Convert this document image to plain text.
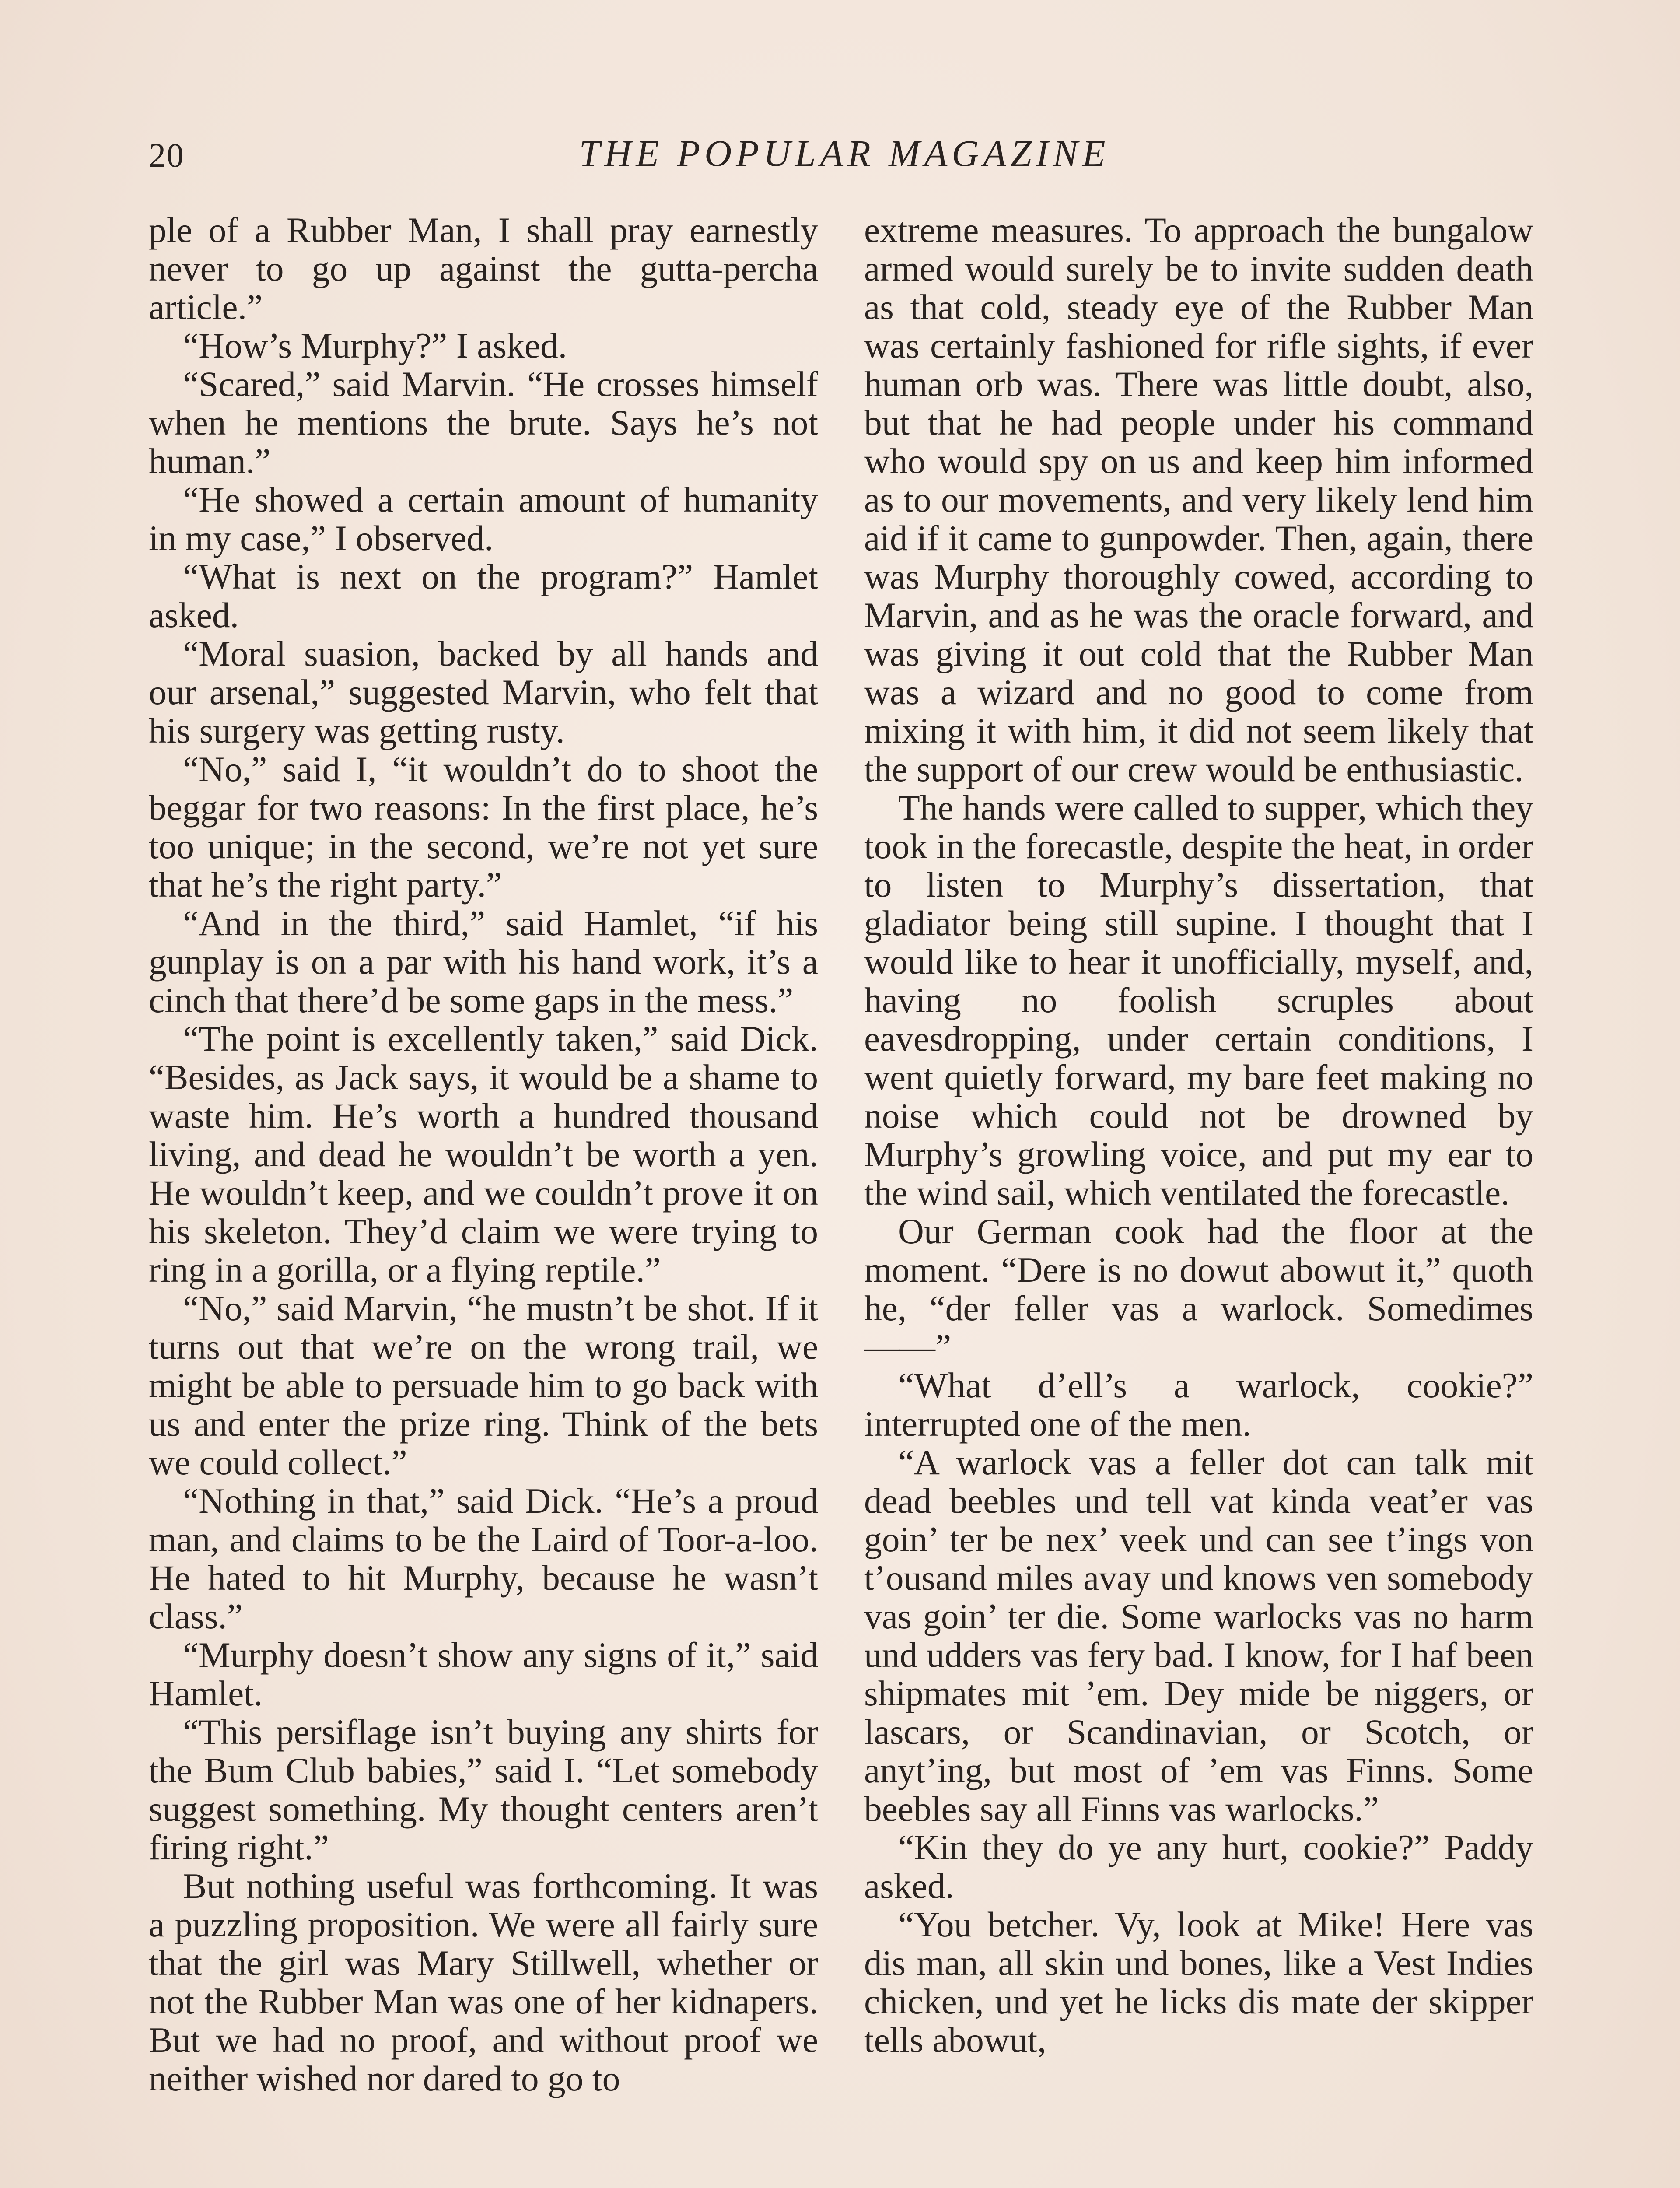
20	THE POPULAR MAGAZINE

ple of a Rubber Man, I shall pray earnestly never to go up against the gutta-percha article.”

“How’s Murphy?” I asked.

“Scared,” said Marvin. “He crosses himself when he mentions the brute. Says he’s not human.”

“He showed a certain amount of humanity in my case,” I observed.

“What is next on the program?” Hamlet asked.

“Moral suasion, backed by all hands and our arsenal,” suggested Marvin, who felt that his surgery was getting rusty.

“No,” said I, “it wouldn’t do to shoot the beggar for two reasons: In the first place, he’s too unique; in the second, we’re not yet sure that he’s the right party.”

“And in the third,” said Hamlet, “if his gunplay is on a par with his hand work, it’s a cinch that there’d be some gaps in the mess.”

“The point is excellently taken,” said Dick. “Besides, as Jack says, it would be a shame to waste him. He’s worth a hundred thousand living, and dead he wouldn’t be worth a yen. He wouldn’t keep, and we couldn’t prove it on his skeleton. They’d claim we were trying to ring in a gorilla, or a flying reptile.”

“No,” said Marvin, “he mustn’t be shot. If it turns out that we’re on the wrong trail, we might be able to persuade him to go back with us and enter the prize ring. Think of the bets we could collect.”

“Nothing in that,” said Dick. “He’s a proud man, and claims to be the Laird of Toor-a-loo. He hated to hit Murphy, because he wasn’t class.”

“Murphy doesn’t show any signs of it,” said Hamlet.

“This persiflage isn’t buying any shirts for the Bum Club babies,” said I. “Let somebody suggest something. My thought centers aren’t firing right.”

But nothing useful was forthcoming. It was a puzzling proposition. We were all fairly sure that the girl was Mary Stillwell, whether or not the Rubber Man was one of her kidnapers. But we had no proof, and without proof we neither wished nor dared to go to

extreme measures. To approach the bungalow armed would surely be to invite sudden death as that cold, steady eye of the Rubber Man was certainly fashioned for rifle sights, if ever human orb was. There was little doubt, also, but that he had people under his command who would spy on us and keep him informed as to our movements, and very likely lend him aid if it came to gunpowder. Then, again, there was Murphy thoroughly cowed, according to Marvin, and as he was the oracle forward, and was giving it out cold that the Rubber Man was a wizard and no good to come from mixing it with him, it did not seem likely that the support of our crew would be enthusiastic.

The hands were called to supper, which they took in the forecastle, despite the heat, in order to listen to Murphy’s dissertation, that gladiator being still supine. I thought that I would like to hear it unofficially, myself, and, having no foolish scruples about eavesdropping, under certain conditions, I went quietly forward, my bare feet making no noise which could not be drowned by Murphy’s growling voice, and put my ear to the wind sail, which ventilated the forecastle.

Our German cook had the floor at the moment. “Dere is no dowut abowut it,” quoth he, “der feller vas a warlock. Somedimes——”

“What d’ell’s a warlock, cookie?” interrupted one of the men.

“A warlock vas a feller dot can talk mit dead beebles und tell vat kinda veat’er vas goin’ ter be nex’ veek und can see t’ings von t’ousand miles avay und knows ven somebody vas goin’ ter die. Some warlocks vas no harm und udders vas fery bad. I know, for I haf been shipmates mit ’em. Dey mide be niggers, or lascars, or Scandinavian, or Scotch, or anyt’ing, but most of ’em vas Finns. Some beebles say all Finns vas warlocks.”

“Kin they do ye any hurt, cookie?” Paddy asked.

“You betcher. Vy, look at Mike! Here vas dis man, all skin und bones, like a Vest Indies chicken, und yet he licks dis mate der skipper tells abowut,
